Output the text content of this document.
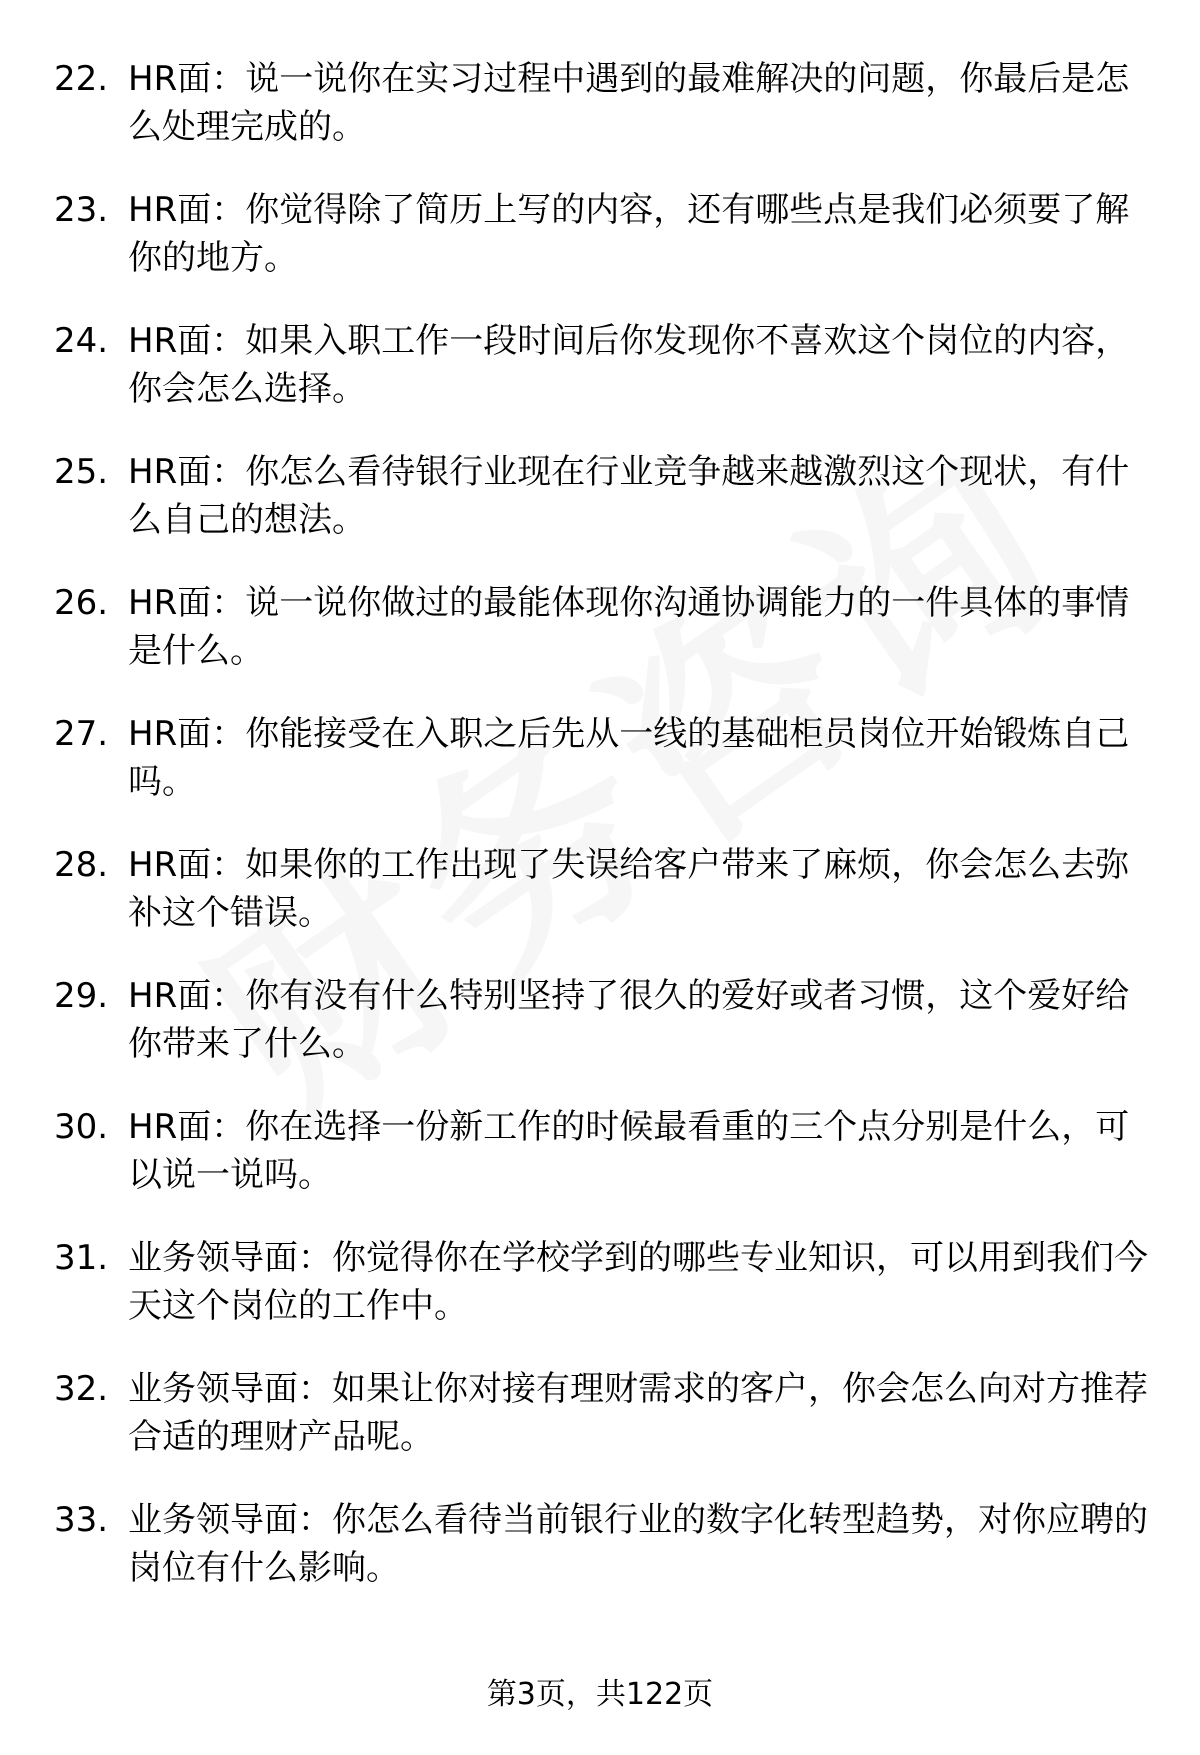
22. HR面：说一说你在实习过程中遇到的最难解决的问题，你最后是怎么处理完成的。
23. HR面：你觉得除了简历上写的内容，还有哪些点是我们必须要了解你的地方。
24. HR面：如果入职工作一段时间后你发现你不喜欢这个岗位的内容，你会怎么选择。
25. HR面：你怎么看待银行业现在行业竞争越来越激烈这个现状，有什么自己的想法。
26. HR面：说一说你做过的最能体现你沟通协调能力的一件具体的事情是什么。
27. HR面：你能接受在入职之后先从一线的基础柜员岗位开始锻炼自己吗。
28. HR面：如果你的工作出现了失误给客户带来了麻烦，你会怎么去弥补这个错误。
29. HR面：你有没有什么特别坚持了很久的爱好或者习惯，这个爱好给你带来了什么。
30. HR面：你在选择一份新工作的时候最看重的三个点分别是什么，可以说一说吗。
31. 业务领导面：你觉得你在学校学到的哪些专业知识，可以用到我们今天这个岗位的工作中。
32. 业务领导面：如果让你对接有理财需求的客户，你会怎么向对方推荐合适的理财产品呢。
33. 业务领导面：你怎么看待当前银行业的数字化转型趋势，对你应聘的岗位有什么影响。
第3页，共122页
